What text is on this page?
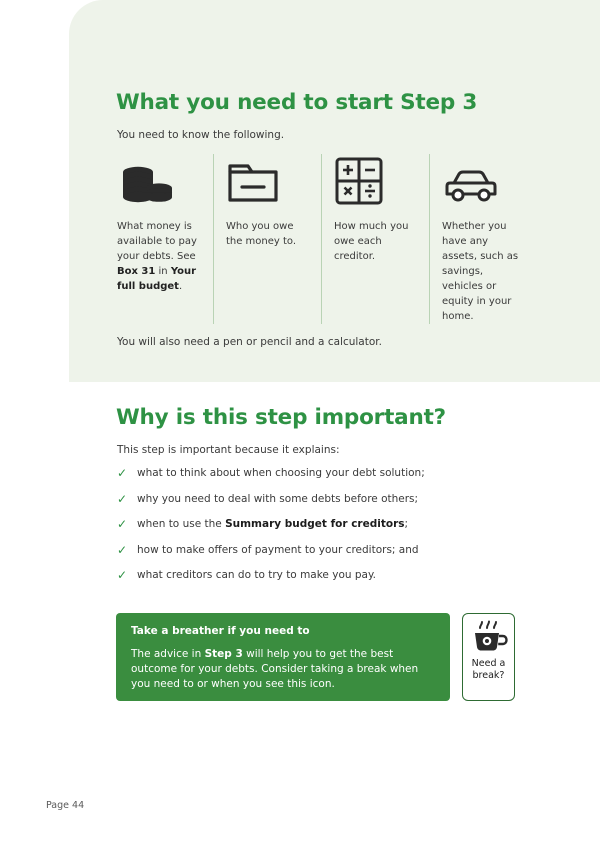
What you need to start Step 3

You need to know the following.

What money is available to pay your debts. See Box 31 in Your full budget.
Who you owe the money to.
How much you owe each creditor.
Whether you have any assets, such as savings, vehicles or equity in your home.

You will also need a pen or pencil and a calculator.

Why is this step important?

This step is important because it explains:

✓ what to think about when choosing your debt solution;
✓ why you need to deal with some debts before others;
✓ when to use the Summary budget for creditors;
✓ how to make offers of payment to your creditors; and
✓ what creditors can do to try to make you pay.
Take a breather if you need to
The advice in Step 3 will help you to get the best outcome for your debts. Consider taking a break when you need to or when you see this icon.
Need a break?
Page 44
